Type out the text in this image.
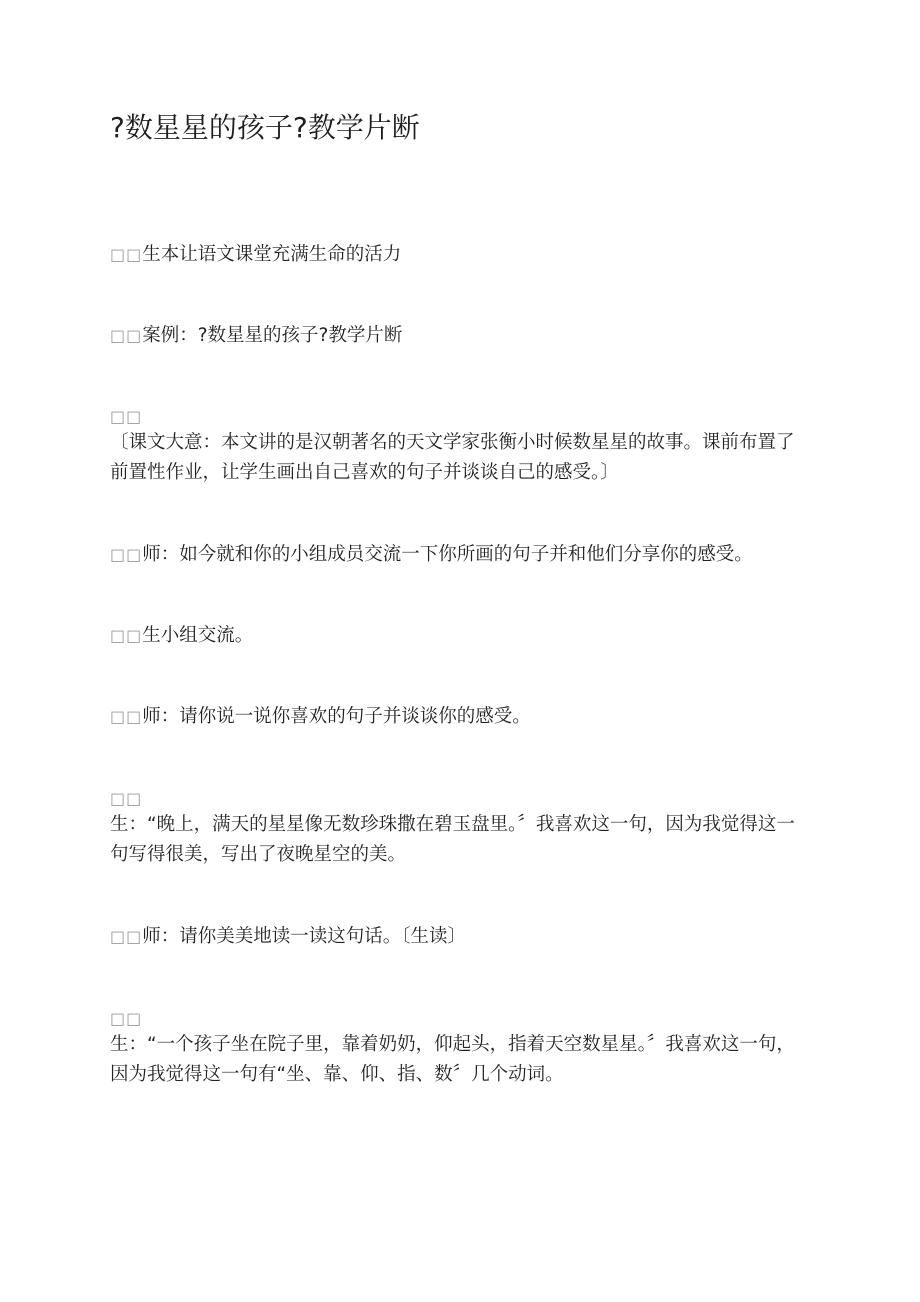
?数星星的孩子?教学片断

□□生本让语文课堂充满生命的活力

□□案例：?数星星的孩子?教学片断

□□
〔课文大意：本文讲的是汉朝著名的天文学家张衡小时候数星星的故事。课前布置了前置性作业，让学生画出自己喜欢的句子并谈谈自己的感受。〕

□□师：如今就和你的小组成员交流一下你所画的句子并和他们分享你的感受。

□□生小组交流。

□□师：请你说一说你喜欢的句子并谈谈你的感受。

□□
生：“晚上，满天的星星像无数珍珠撒在碧玉盘里。〞我喜欢这一句，因为我觉得这一句写得很美，写出了夜晚星空的美。

□□师：请你美美地读一读这句话。〔生读〕

□□
生：“一个孩子坐在院子里，靠着奶奶，仰起头，指着天空数星星。〞我喜欢这一句，因为我觉得这一句有“坐、靠、仰、指、数〞几个动词。
